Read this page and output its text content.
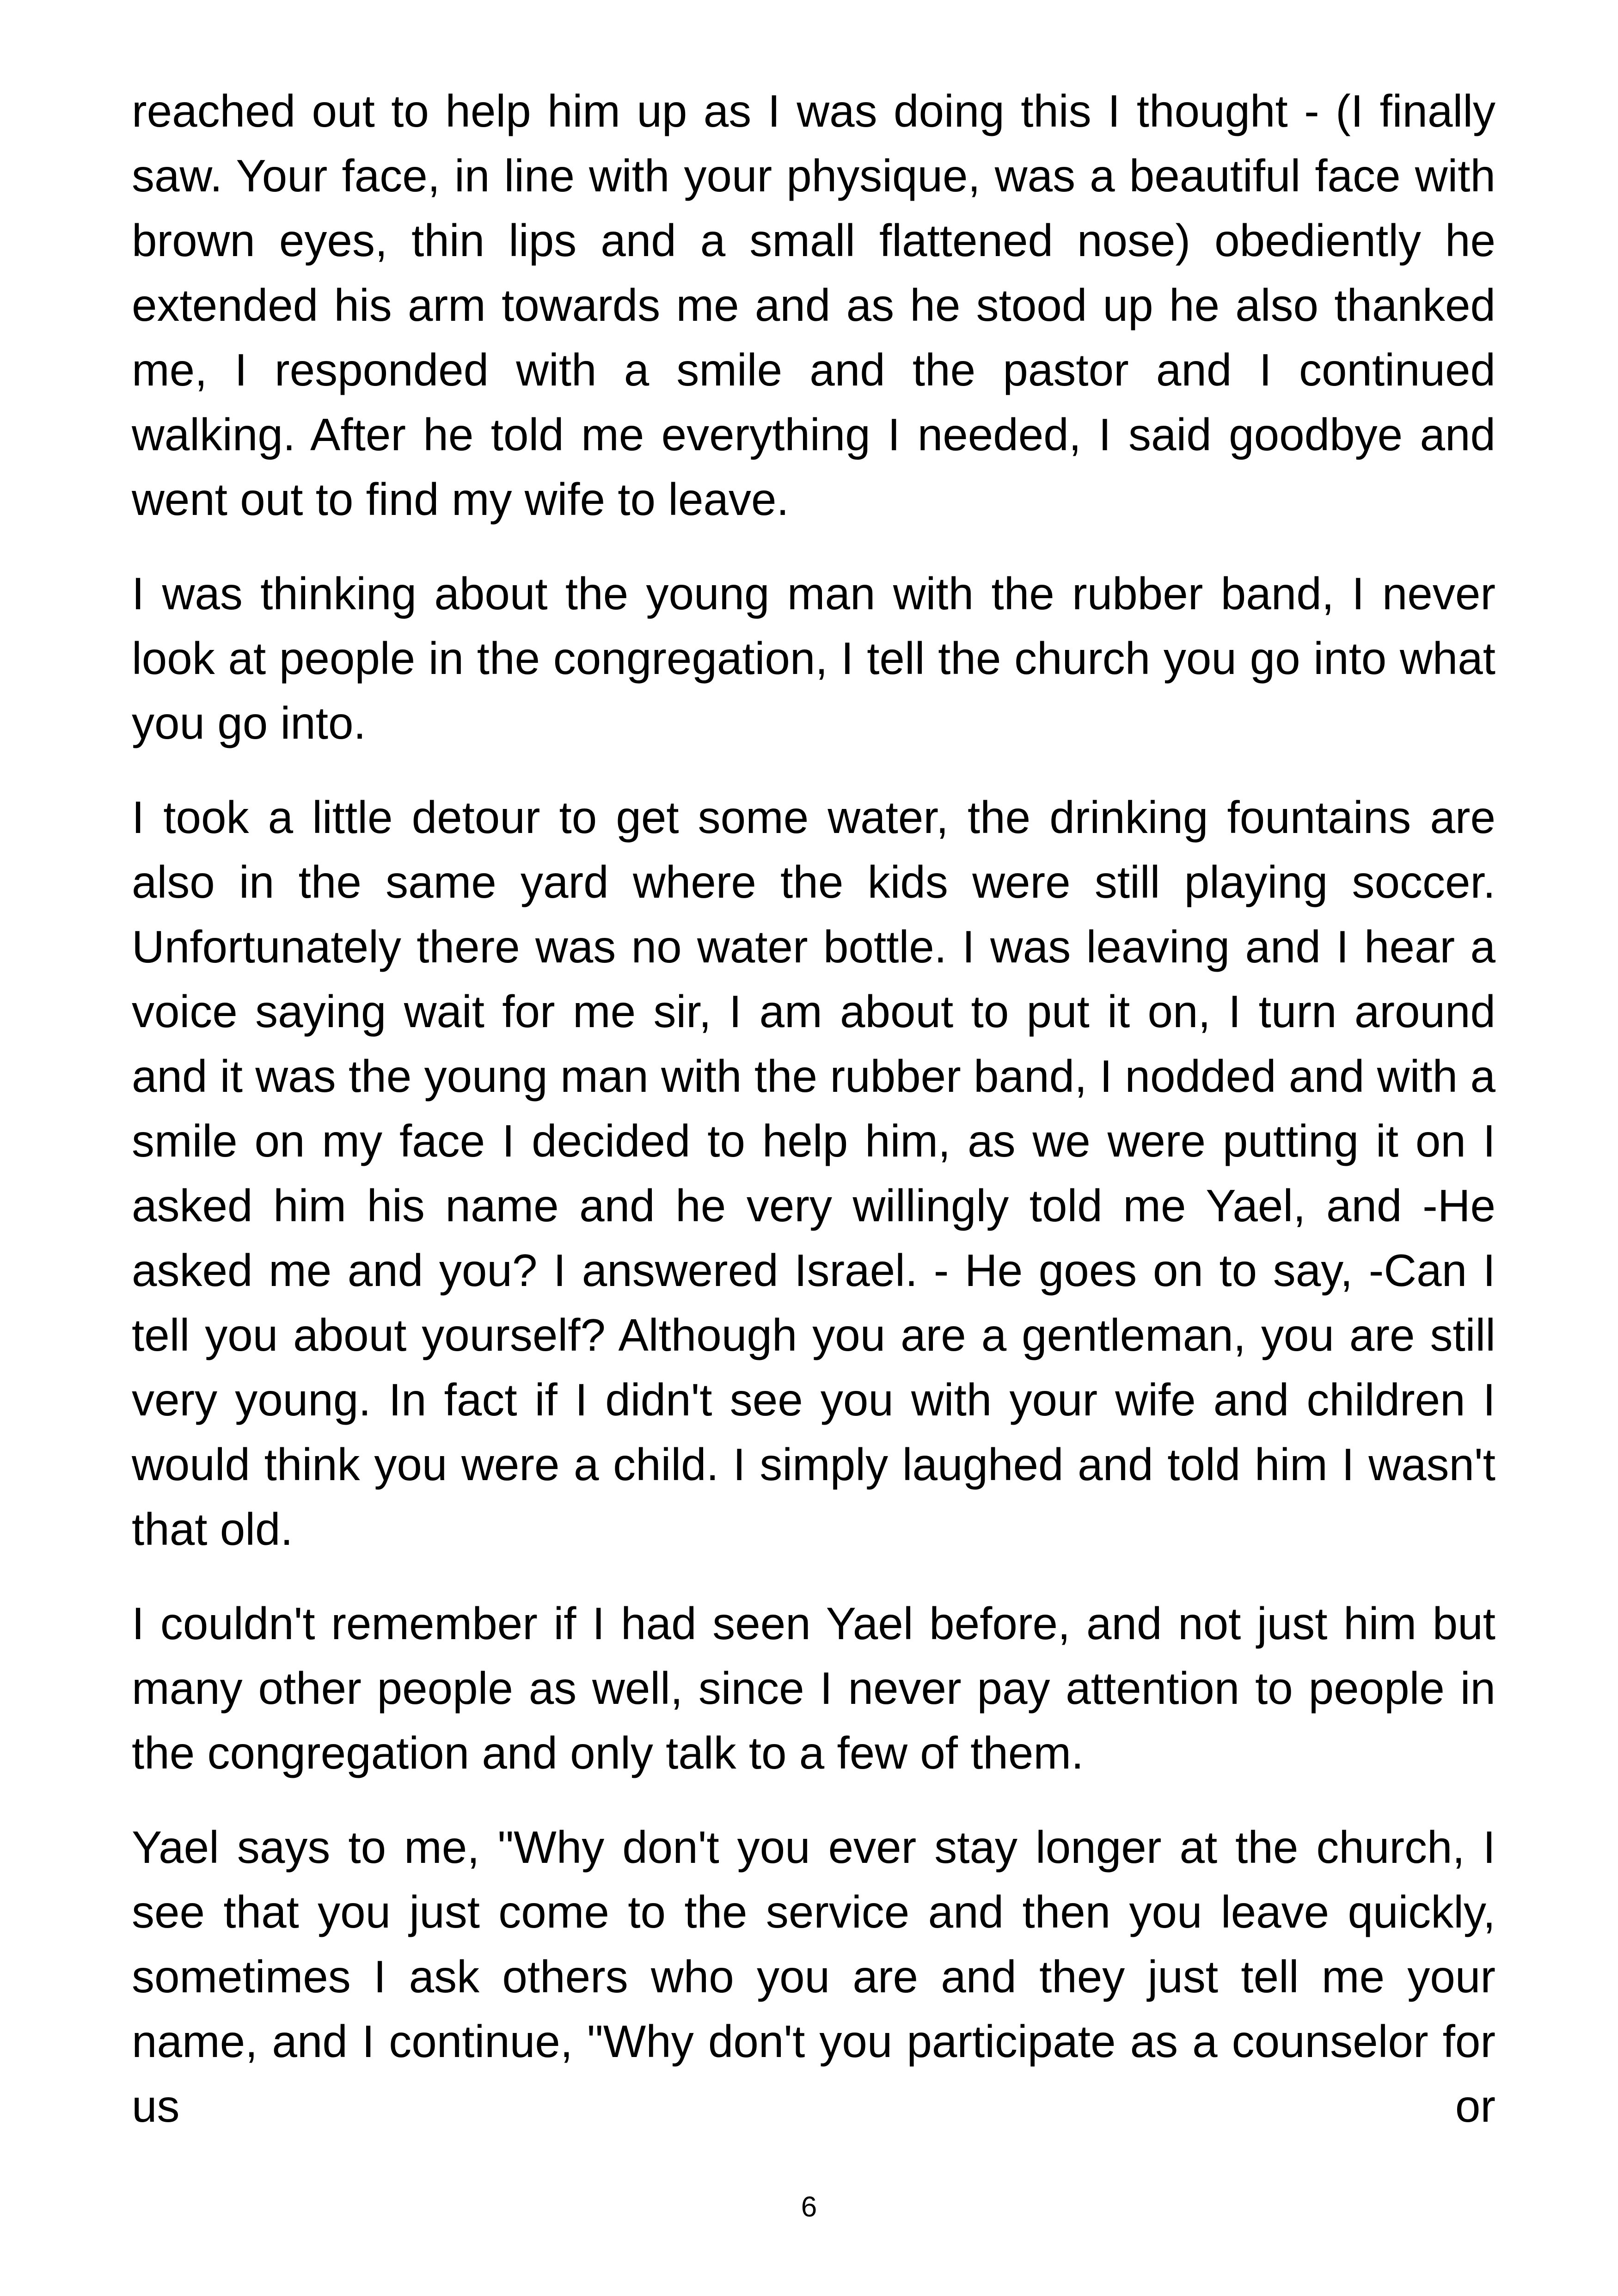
reached out to help him up as I was doing this I thought - (I finally saw. Your face, in line with your physique, was a beautiful face with brown eyes, thin lips and a small flattened nose) obediently he extended his arm towards me and as he stood up he also thanked me, I responded with a smile and the pastor and I continued walking. After he told me everything I needed, I said goodbye and went out to find my wife to leave.

I was thinking about the young man with the rubber band, I never look at people in the congregation, I tell the church you go into what you go into.

I took a little detour to get some water, the drinking fountains are also in the same yard where the kids were still playing soccer. Unfortunately there was no water bottle. I was leaving and I hear a voice saying wait for me sir, I am about to put it on, I turn around and it was the young man with the rubber band, I nodded and with a smile on my face I decided to help him, as we were putting it on I asked him his name and he very willingly told me Yael, and -He asked me and you? I answered Israel. - He goes on to say, -Can I tell you about yourself? Although you are a gentleman, you are still very young. In fact if I didn't see you with your wife and children I would think you were a child. I simply laughed and told him I wasn't that old.

I couldn't remember if I had seen Yael before, and not just him but many other people as well, since I never pay attention to people in the congregation and only talk to a few of them.

Yael says to me, "Why don't you ever stay longer at the church, I see that you just come to the service and then you leave quickly, sometimes I ask others who you are and they just tell me your name, and I continue, "Why don't you participate as a counselor for us or

6
